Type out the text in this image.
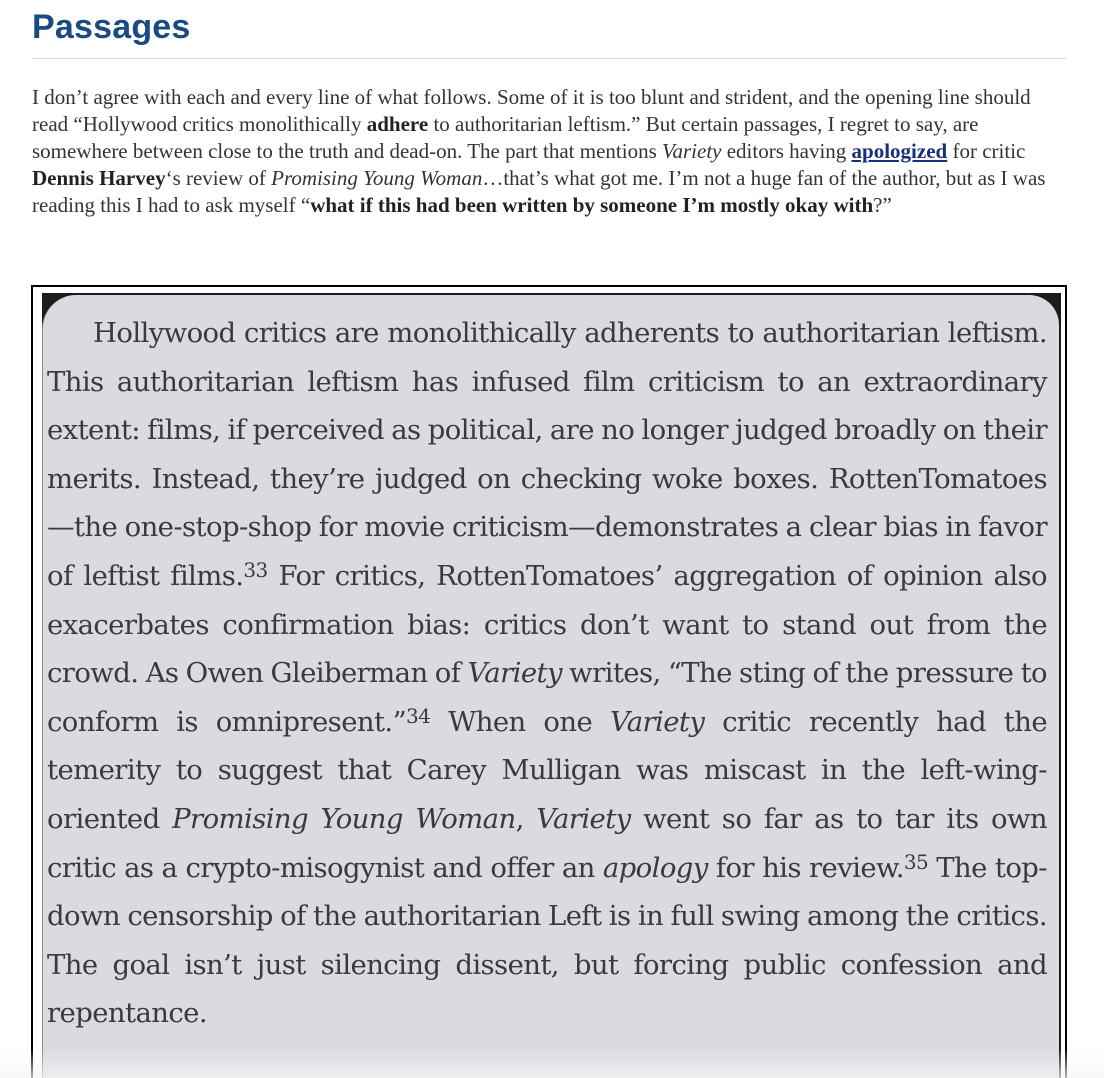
Passages

I don’t agree with each and every line of what follows. Some of it is too blunt and strident, and the opening line should read “Hollywood critics monolithically adhere to authoritarian leftism.” But certain passages, I regret to say, are somewhere between close to the truth and dead-on. The part that mentions Variety editors having apologized for critic Dennis Harvey‘s review of Promising Young Woman…that’s what got me. I’m not a huge fan of the author, but as I was reading this I had to ask myself “what if this had been written by someone I’m mostly okay with?”

Hollywood critics are monolithically adherents to authoritarian leftism. This authoritarian leftism has infused film criticism to an extraordinary extent: films, if perceived as political, are no longer judged broadly on their merits. Instead, they’re judged on checking woke boxes. RottenTomatoes—the one-stop-shop for movie criticism—demonstrates a clear bias in favor of leftist films.$^{33}$ For critics, RottenTomatoes’ aggregation of opinion also exacerbates confirmation bias: critics don’t want to stand out from the crowd. As Owen Gleiberman of Variety writes, “The sting of the pressure to conform is omnipresent.”$^{34}$ When one Variety critic recently had the temerity to suggest that Carey Mulligan was miscast in the left-wing-oriented Promising Young Woman, Variety went so far as to tar its own critic as a crypto-misogynist and offer an apology for his review.$^{35}$ The top-down censorship of the authoritarian Left is in full swing among the critics. The goal isn’t just silencing dissent, but forcing public confession and repentance.
